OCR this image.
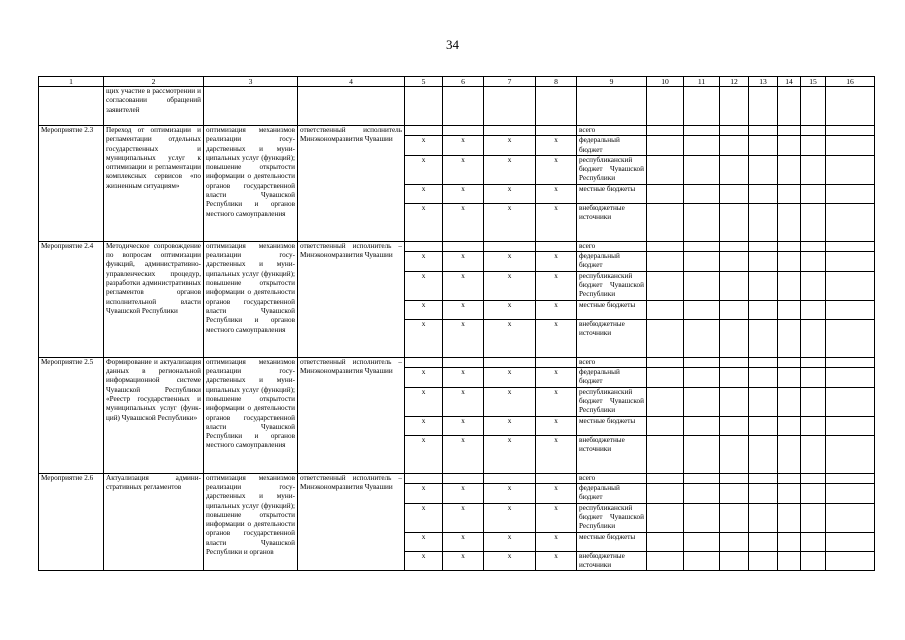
34
1	2	3	4	5	6	7	8	9	10	11	12	13	14	15	16
	щих участие в рассмотрении и согласовании обращений заявителей														
Мероприятие 2.3	Переход от оптимизации и регламентации отдельных государственных и муниципальных услуг к оптимизации и регламентации комплексных сервисов «по жизненным ситуациям»	оптимизация механизмов реализации государственных и муниципальных услуг (функций); повышение открытости информации о деятельности органов государственной власти Чувашской Республики и органов местного самоуправления	ответственный исполнитель Минэкономразвития Чувашии					всего							
				x	x	x	x	федеральный бюджет							
				x	x	x	x	республиканский бюджет Чувашской Республики							
				x	x	x	x	местные бюджеты							
				x	x	x	x	внебюджетные источники							
Мероприятие 2.4	Методическое сопровождение по вопросам оптимизации функций, административно-управленческих процедур, разработки административных регламентов органов исполнительной власти Чувашской Республики	оптимизация механизмов реализации государственных и муниципальных услуг (функций); повышение открытости информации о деятельности органов государственной власти Чувашской Республики и органов местного самоуправления	ответственный исполнитель – Минэкономразвития Чувашии					всего							
				x	x	x	x	федеральный бюджет							
				x	x	x	x	республиканский бюджет Чувашской Республики							
				x	x	x	x	местные бюджеты							
				x	x	x	x	внебюджетные источники							
Мероприятие 2.5	Формирование и актуализация данных в региональной информационной системе Чувашской Республики «Реестр государственных и муниципальных услуг (функций) Чувашской Республики»	оптимизация механизмов реализации государственных и муниципальных услуг (функций); повышение открытости информации о деятельности органов государственной власти Чувашской Республики и органов местного самоуправления	ответственный исполнитель – Минэкономразвития Чувашии					всего							
				x	x	x	x	федеральный бюджет							
				x	x	x	x	республиканский бюджет Чувашской Республики							
				x	x	x	x	местные бюджеты							
				x	x	x	x	внебюджетные источники							
Мероприятие 2.6	Актуализация административных регламентов	оптимизация механизмов реализации государственных и муниципальных услуг (функций); повышение открытости информации о деятельности органов государственной власти Чувашской Республики и органов	ответственный исполнитель – Минэкономразвития Чувашии					всего							
				x	x	x	x	федеральный бюджет							
				x	x	x	x	республиканский бюджет Чувашской Республики							
				x	x	x	x	местные бюджеты							
				x	x	x	x	внебюджетные источники							
